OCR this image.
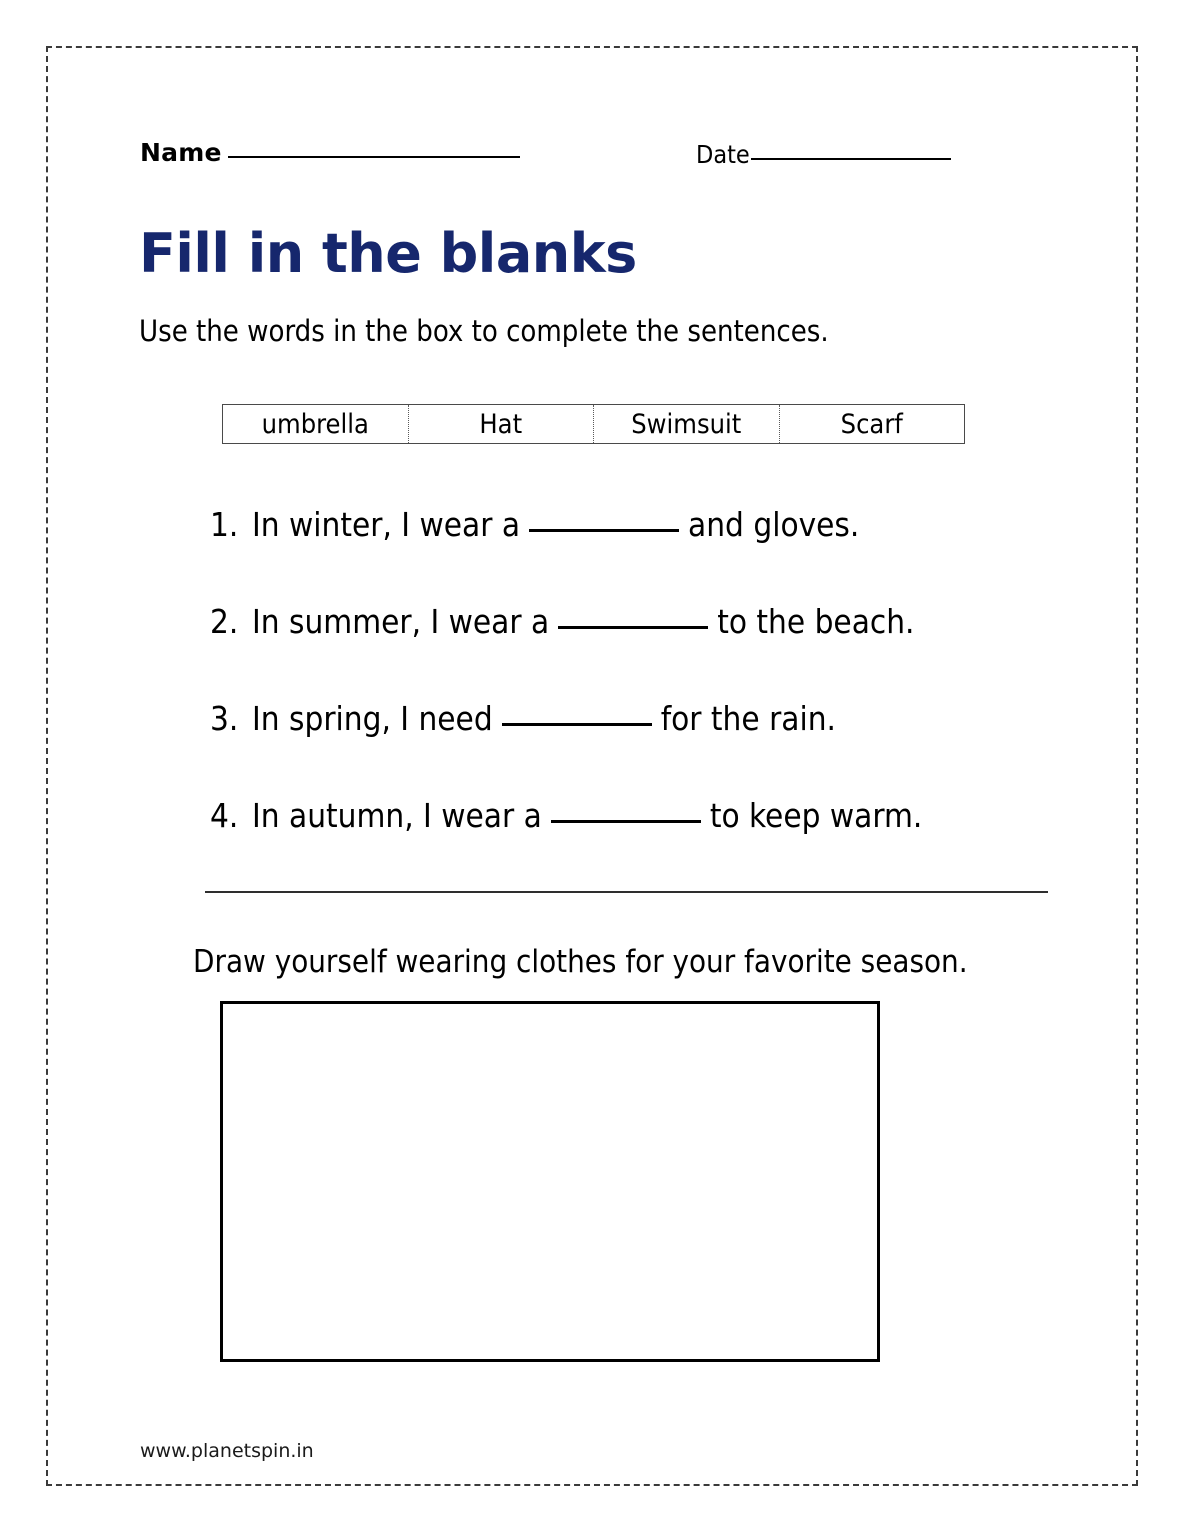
Name	Date
Fill in the blanks
Use the words in the box to complete the sentences.
umbrella	Hat	Swimsuit	Scarf
1. In winter, I wear a	and gloves.
2. In summer, I wear a	to the beach.
3. In spring, I need	for the rain.
4. In autumn, I wear a	to keep warm.
Draw yourself wearing clothes for your favorite season.
www.planetspin.in
